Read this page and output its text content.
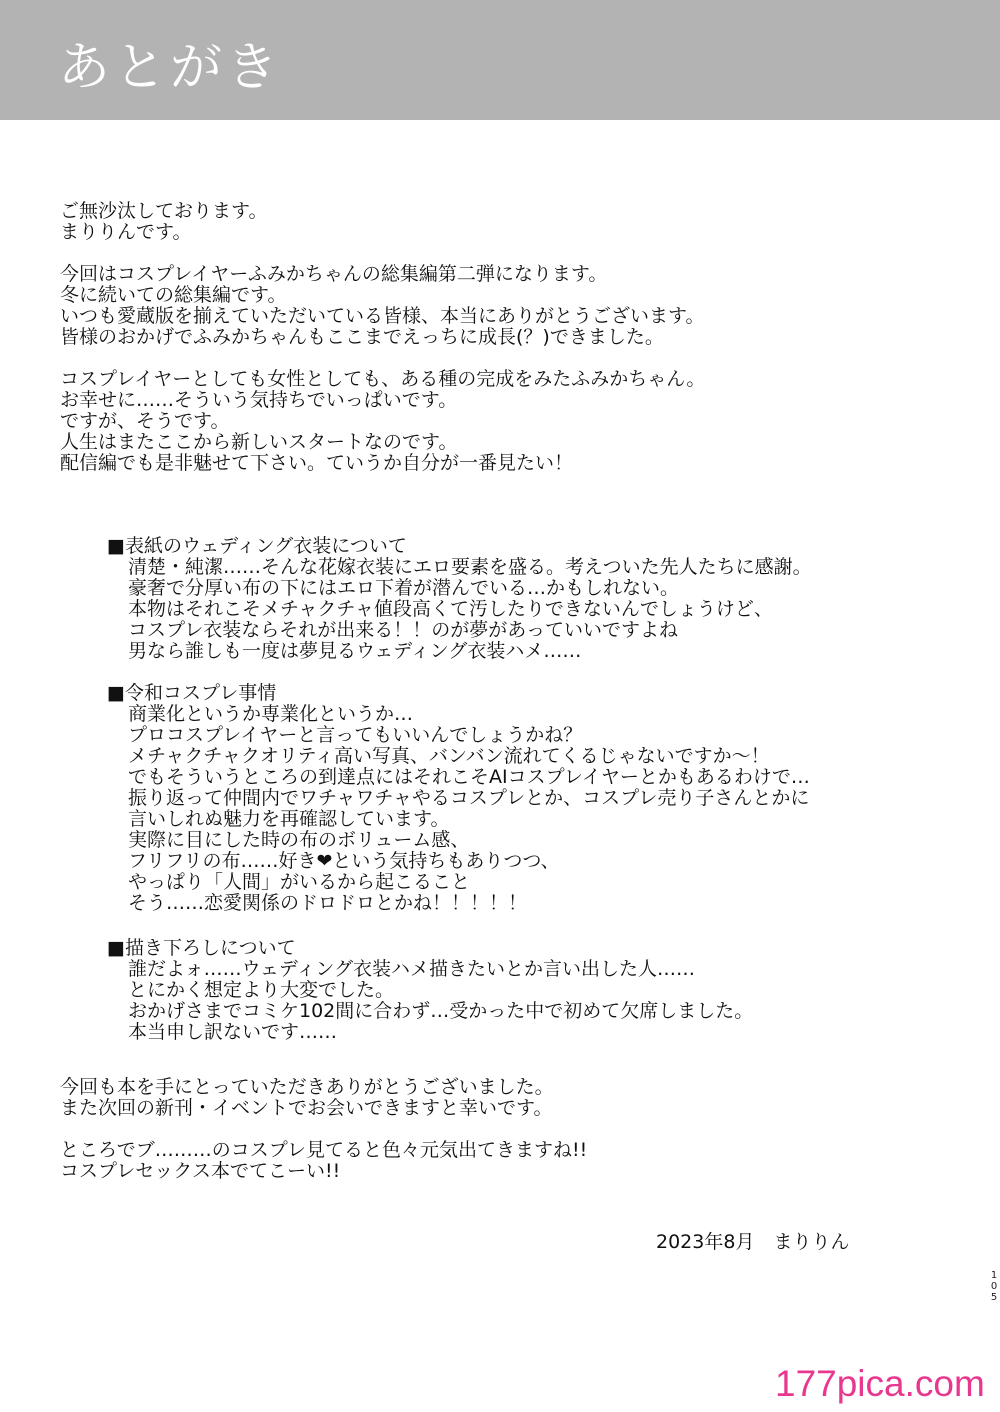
あとがき
ご無沙汰しております。
まりりんです。
今回はコスプレイヤーふみかちゃんの総集編第二弾になります。
冬に続いての総集編です。
いつも愛蔵版を揃えていただいている皆様、本当にありがとうございます。
皆様のおかげでふみかちゃんもここまでえっちに成長(？)できました。
コスプレイヤーとしても女性としても、ある種の完成をみたふみかちゃん。
お幸せに……そういう気持ちでいっぱいです。
ですが、そうです。
人生はまたここから新しいスタートなのです。
配信編でも是非魅せて下さい。ていうか自分が一番見たい！
■表紙のウェディング衣装について
清楚・純潔……そんな花嫁衣装にエロ要素を盛る。考えついた先人たちに感謝。
豪奢で分厚い布の下にはエロ下着が潜んでいる…かもしれない。
本物はそれこそメチャクチャ値段高くて汚したりできないんでしょうけど、
コスプレ衣装ならそれが出来る！！のが夢があっていいですよね
男なら誰しも一度は夢見るウェディング衣装ハメ……
■令和コスプレ事情
商業化というか専業化というか…
プロコスプレイヤーと言ってもいいんでしょうかね？
メチャクチャクオリティ高い写真、バンバン流れてくるじゃないですか～！
でもそういうところの到達点にはそれこそAIコスプレイヤーとかもあるわけで…
振り返って仲間内でワチャワチャやるコスプレとか、コスプレ売り子さんとかに
言いしれぬ魅力を再確認しています。
実際に目にした時の布のボリューム感、
フリフリの布……好き❤という気持ちもありつつ、
やっぱり「人間」がいるから起こること
そう……恋愛関係のドロドロとかね！！！！！
■描き下ろしについて
誰だよォ……ウェディング衣装ハメ描きたいとか言い出した人……
とにかく想定より大変でした。
おかげさまでコミケ102間に合わず…受かった中で初めて欠席しました。
本当申し訳ないです……
今回も本を手にとっていただきありがとうございました。
また次回の新刊・イベントでお会いできますと幸いです。
ところでブ………のコスプレ見てると色々元気出てきますね!!
コスプレセックス本でてこーい!!
2023年8月　まりりん
1
0
5
177pica.com
